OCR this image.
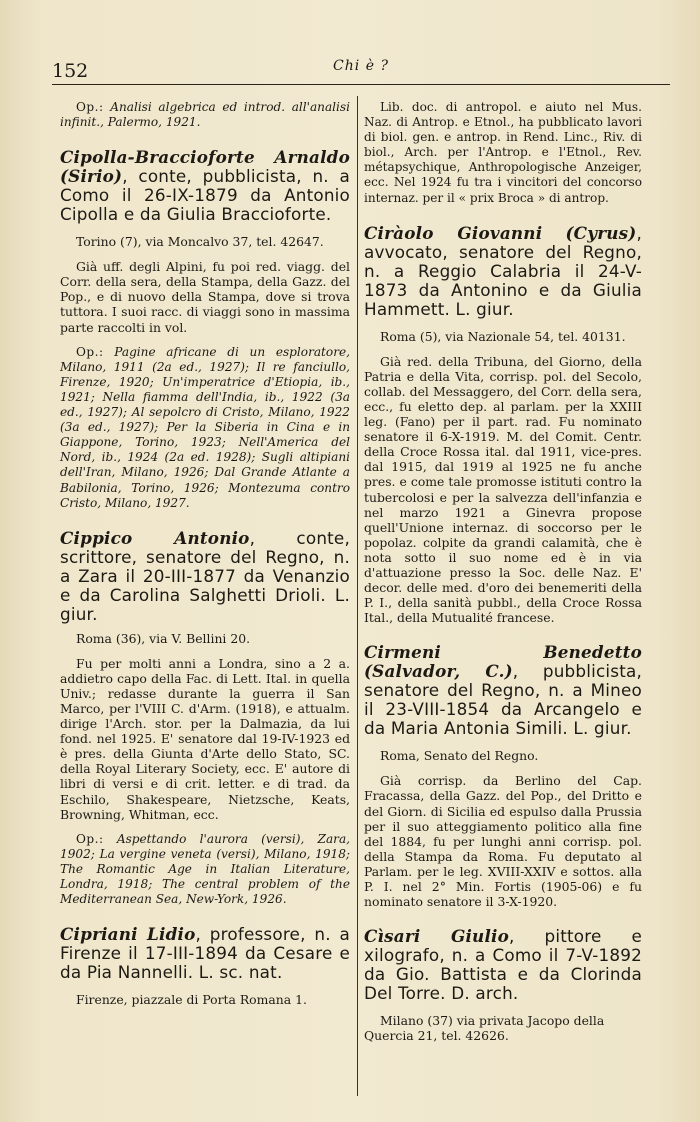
152	Chi è ?

Op.: Analisi algebrica ed introd. all'analisi infinit., Palermo, 1921.

Cipolla-Braccioforte Arnaldo (Sirio), conte, pubblicista, n. a Como il 26-IX-1879 da Antonio Cipolla e da Giulia Braccioforte.

Torino (7), via Moncalvo 37, tel. 42647.

Già uff. degli Alpini, fu poi red. viagg. del Corr. della sera, della Stampa, della Gazz. del Pop., e di nuovo della Stampa, dove si trova tuttora. I suoi racc. di viaggi sono in massima parte raccolti in vol.

Op.: Pagine africane di un esploratore, Milano, 1911 (2a ed., 1927); Il re fanciullo, Firenze, 1920; Un'imperatrice d'Etiopia, ib., 1921; Nella fiamma dell'India, ib., 1922 (3a ed., 1927); Al sepolcro di Cristo, Milano, 1922 (3a ed., 1927); Per la Siberia in Cina e in Giappone, Torino, 1923; Nell'America del Nord, ib., 1924 (2a ed. 1928); Sugli altipiani dell'Iran, Milano, 1926; Dal Grande Atlante a Babilonia, Torino, 1926; Montezuma contro Cristo, Milano, 1927.

Cippico Antonio, conte, scrittore, senatore del Regno, n. a Zara il 20-III-1877 da Venanzio e da Carolina Salghetti Drioli. L. giur.

Roma (36), via V. Bellini 20.

Fu per molti anni a Londra, sino a 2 a. addietro capo della Fac. di Lett. Ital. in quella Univ.; redasse durante la guerra il San Marco, per l'VIII C. d'Arm. (1918), e attualm. dirige l'Arch. stor. per la Dalmazia, da lui fond. nel 1925. E' senatore dal 19-IV-1923 ed è pres. della Giunta d'Arte dello Stato, SC. della Royal Literary Society, ecc. E' autore di libri di versi e di crit. letter. e di trad. da Eschilo, Shakespeare, Nietzsche, Keats, Browning, Whitman, ecc.

Op.: Aspettando l'aurora (versi), Zara, 1902; La vergine veneta (versi), Milano, 1918; The Romantic Age in Italian Literature, Londra, 1918; The central problem of the Mediterranean Sea, New-York, 1926.

Cipriani Lidio, professore, n. a Firenze il 17-III-1894 da Cesare e da Pia Nannelli. L. sc. nat.

Firenze, piazzale di Porta Romana 1.

Lib. doc. di antropol. e aiuto nel Mus. Naz. di Antrop. e Etnol., ha pubblicato lavori di biol. gen. e antrop. in Rend. Linc., Riv. di biol., Arch. per l'Antrop. e l'Etnol., Rev. métapsychique, Anthropologische Anzeiger, ecc. Nel 1924 fu tra i vincitori del concorso internaz. per il « prix Broca » di antrop.

Ciràolo Giovanni (Cyrus), avvocato, senatore del Regno, n. a Reggio Calabria il 24-V-1873 da Antonino e da Giulia Hammett. L. giur.

Roma (5), via Nazionale 54, tel. 40131.

Già red. della Tribuna, del Giorno, della Patria e della Vita, corrisp. pol. del Secolo, collab. del Messaggero, del Corr. della sera, ecc., fu eletto dep. al parlam. per la XXIII leg. (Fano) per il part. rad. Fu nominato senatore il 6-X-1919. M. del Comit. Centr. della Croce Rossa ital. dal 1911, vice-pres. dal 1915, dal 1919 al 1925 ne fu anche pres. e come tale promosse istituti contro la tubercolosi e per la salvezza dell'infanzia e nel marzo 1921 a Ginevra propose quell'Unione internaz. di soccorso per le popolaz. colpite da grandi calamità, che è nota sotto il suo nome ed è in via d'attuazione presso la Soc. delle Naz. E' decor. delle med. d'oro dei benemeriti della P. I., della sanità pubbl., della Croce Rossa Ital., della Mutualité francese.

Cirmeni Benedetto (Salvador, C.), pubblicista, senatore del Regno, n. a Mineo il 23-VIII-1854 da Arcangelo e da Maria Antonia Simili. L. giur.

Roma, Senato del Regno.

Già corrisp. da Berlino del Cap. Fracassa, della Gazz. del Pop., del Dritto e del Giorn. di Sicilia ed espulso dalla Prussia per il suo atteggiamento politico alla fine del 1884, fu per lunghi anni corrisp. pol. della Stampa da Roma. Fu deputato al Parlam. per le leg. XVIII-XXIV e sottos. alla P. I. nel 2° Min. Fortis (1905-06) e fu nominato senatore il 3-X-1920.

Cìsari Giulio, pittore e xilografo, n. a Como il 7-V-1892 da Gio. Battista e da Clorinda Del Torre. D. arch.

Milano (37) via privata Jacopo della Quercia 21, tel. 42626.
